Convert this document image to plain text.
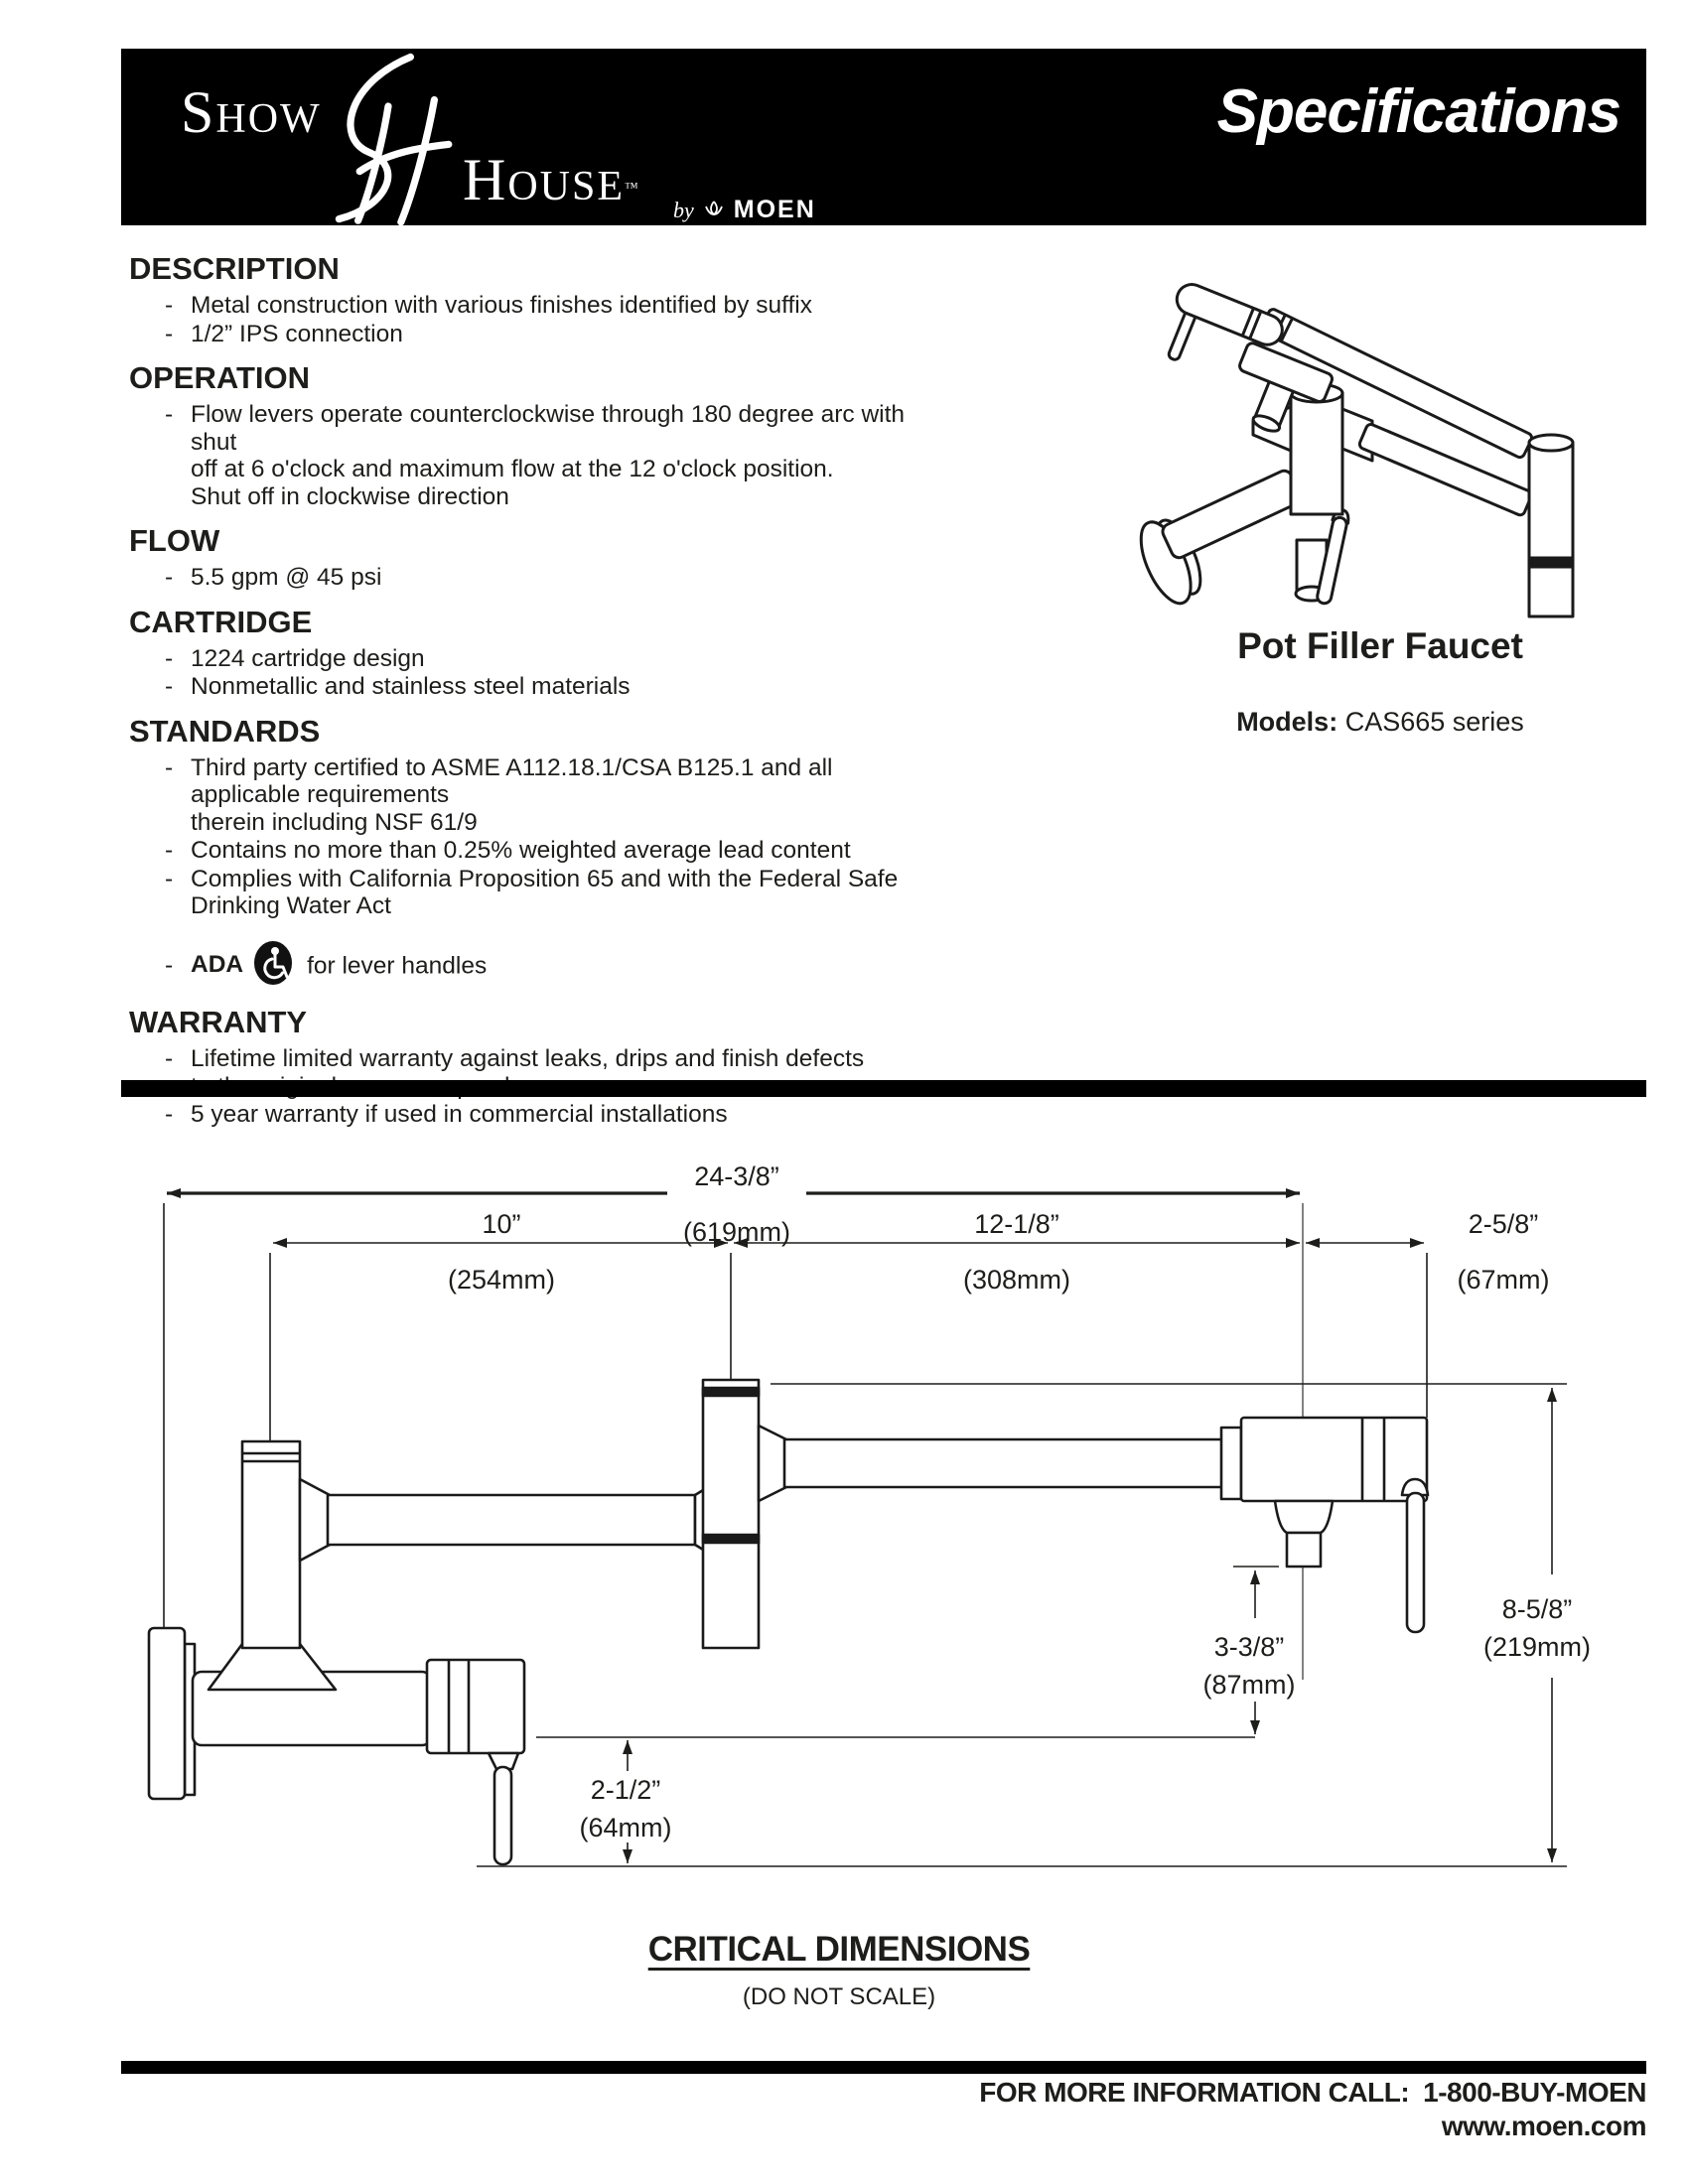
Show
House™
by MOEN
Specifications
DESCRIPTION
- Metal construction with various finishes identified by suffix
- 1/2” IPS connection
OPERATION
- Flow levers operate counterclockwise through 180 degree arc with shut
off at 6 o'clock and maximum flow at the 12 o'clock position.
Shut off in clockwise direction
FLOW
- 5.5 gpm @ 45 psi
CARTRIDGE
- 1224 cartridge design
- Nonmetallic and stainless steel materials
STANDARDS
- Third party certified to ASME A112.18.1/CSA B125.1 and all applicable requirements
therein including NSF 61/9
- Contains no more than 0.25% weighted average lead content
- Complies with California Proposition 65 and with the Federal Safe
Drinking Water Act
- ADA	for lever handles
WARRANTY
- Lifetime limited warranty against leaks, drips and finish defects

- 5 year warranty if used in commercial installations
Pot Filler Faucet
Models: CAS665 series
24-3/8”
(619mm)
10”
(254mm)
12-1/8”
(308mm)
2-5/8”
(67mm)
3-3/8”
(87mm)
8-5/8”
(219mm)
2-1/2”
(64mm)
CRITICAL DIMENSIONS
(DO NOT SCALE)
FOR MORE INFORMATION CALL: 1-800-BUY-MOEN
www.moen.com
